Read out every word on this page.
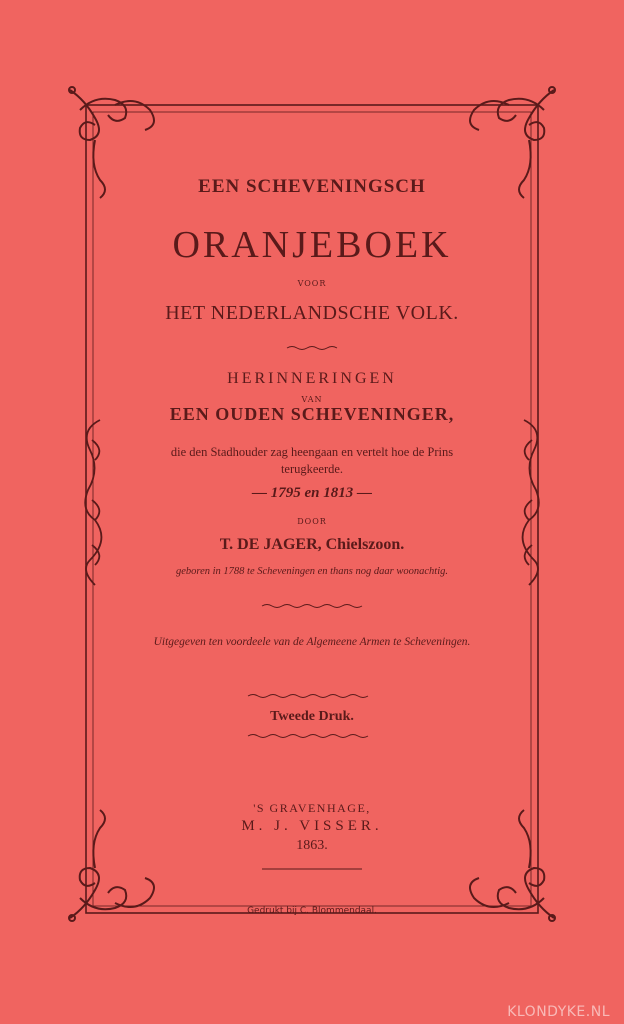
EEN SCHEVENINGSCH
ORANJEBOEK
VOOR
HET NEDERLANDSCHE VOLK.
HERINNERINGEN
VAN
EEN OUDEN SCHEVENINGER,
die den Stadhouder zag heengaan en vertelt hoe de Prins terugkeerde.
— 1795 en 1813 —
DOOR
T. DE JAGER, Chielszoon.
geboren in 1788 te Scheveningen en thans nog daar woonachtig.
Uitgegeven ten voordeele van de Algemeene Armen te Scheveningen.
Tweede Druk.
'S GRAVENHAGE,
M. J. VISSER.
1863.
Gedrukt bij C. Blommendaal.
KLONDYKE.NL
